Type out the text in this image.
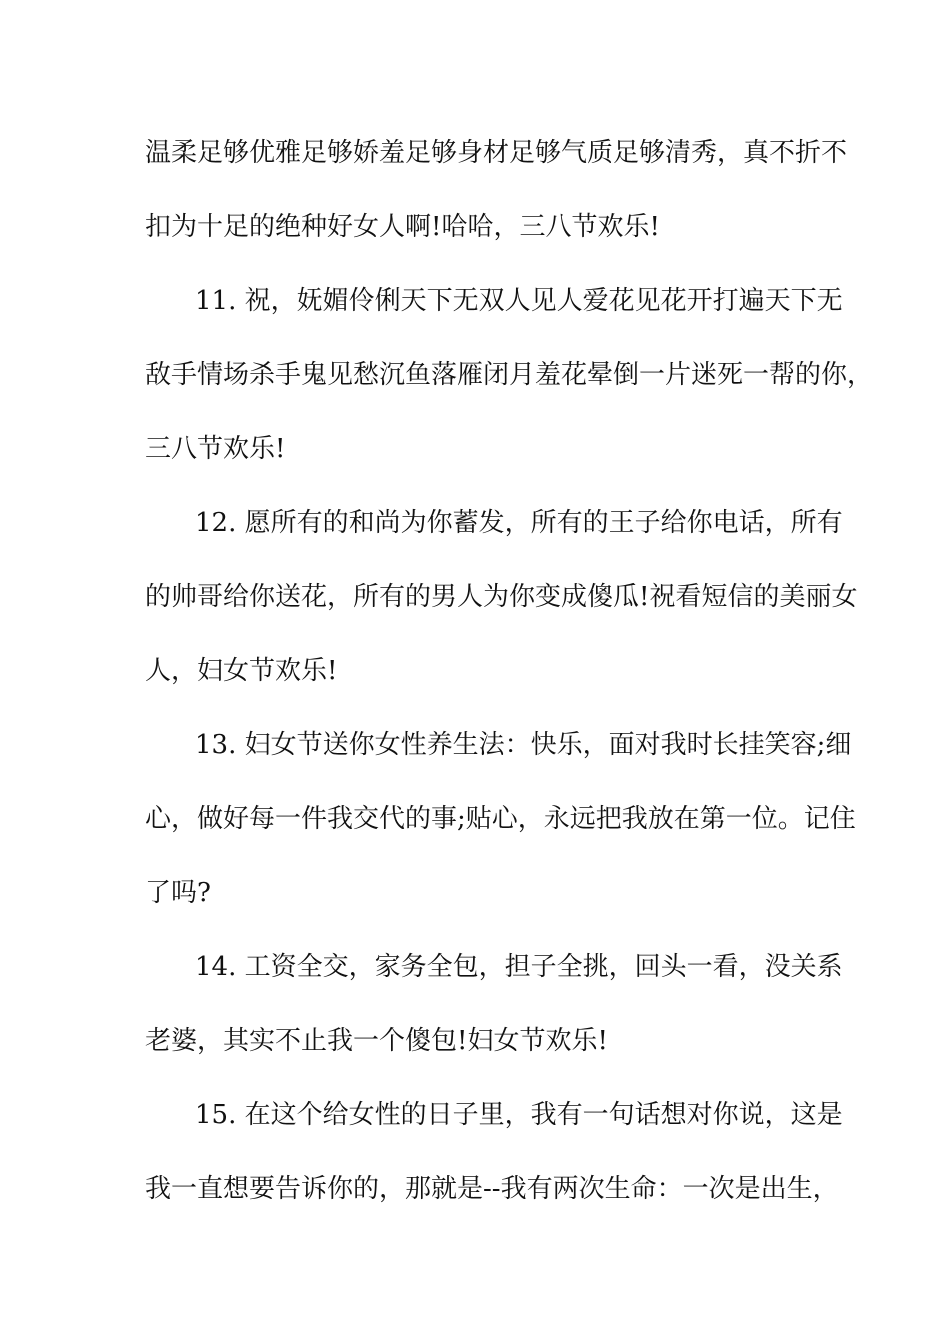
温柔足够优雅足够娇羞足够身材足够气质足够清秀，真不折不
扣为十足的绝种好女人啊!哈哈，三八节欢乐!
11. 祝，妩媚伶俐天下无双人见人爱花见花开打遍天下无
敌手情场杀手鬼见愁沉鱼落雁闭月羞花晕倒一片迷死一帮的你，
三八节欢乐!
12. 愿所有的和尚为你蓄发，所有的王子给你电话，所有
的帅哥给你送花，所有的男人为你变成傻瓜!祝看短信的美丽女
人，妇女节欢乐!
13. 妇女节送你女性养生法：快乐，面对我时长挂笑容;细
心，做好每一件我交代的事;贴心，永远把我放在第一位。记住
了吗?
14. 工资全交，家务全包，担子全挑，回头一看，没关系
老婆，其实不止我一个傻包!妇女节欢乐!
15. 在这个给女性的日子里，我有一句话想对你说，这是
我一直想要告诉你的，那就是--我有两次生命：一次是出生，
